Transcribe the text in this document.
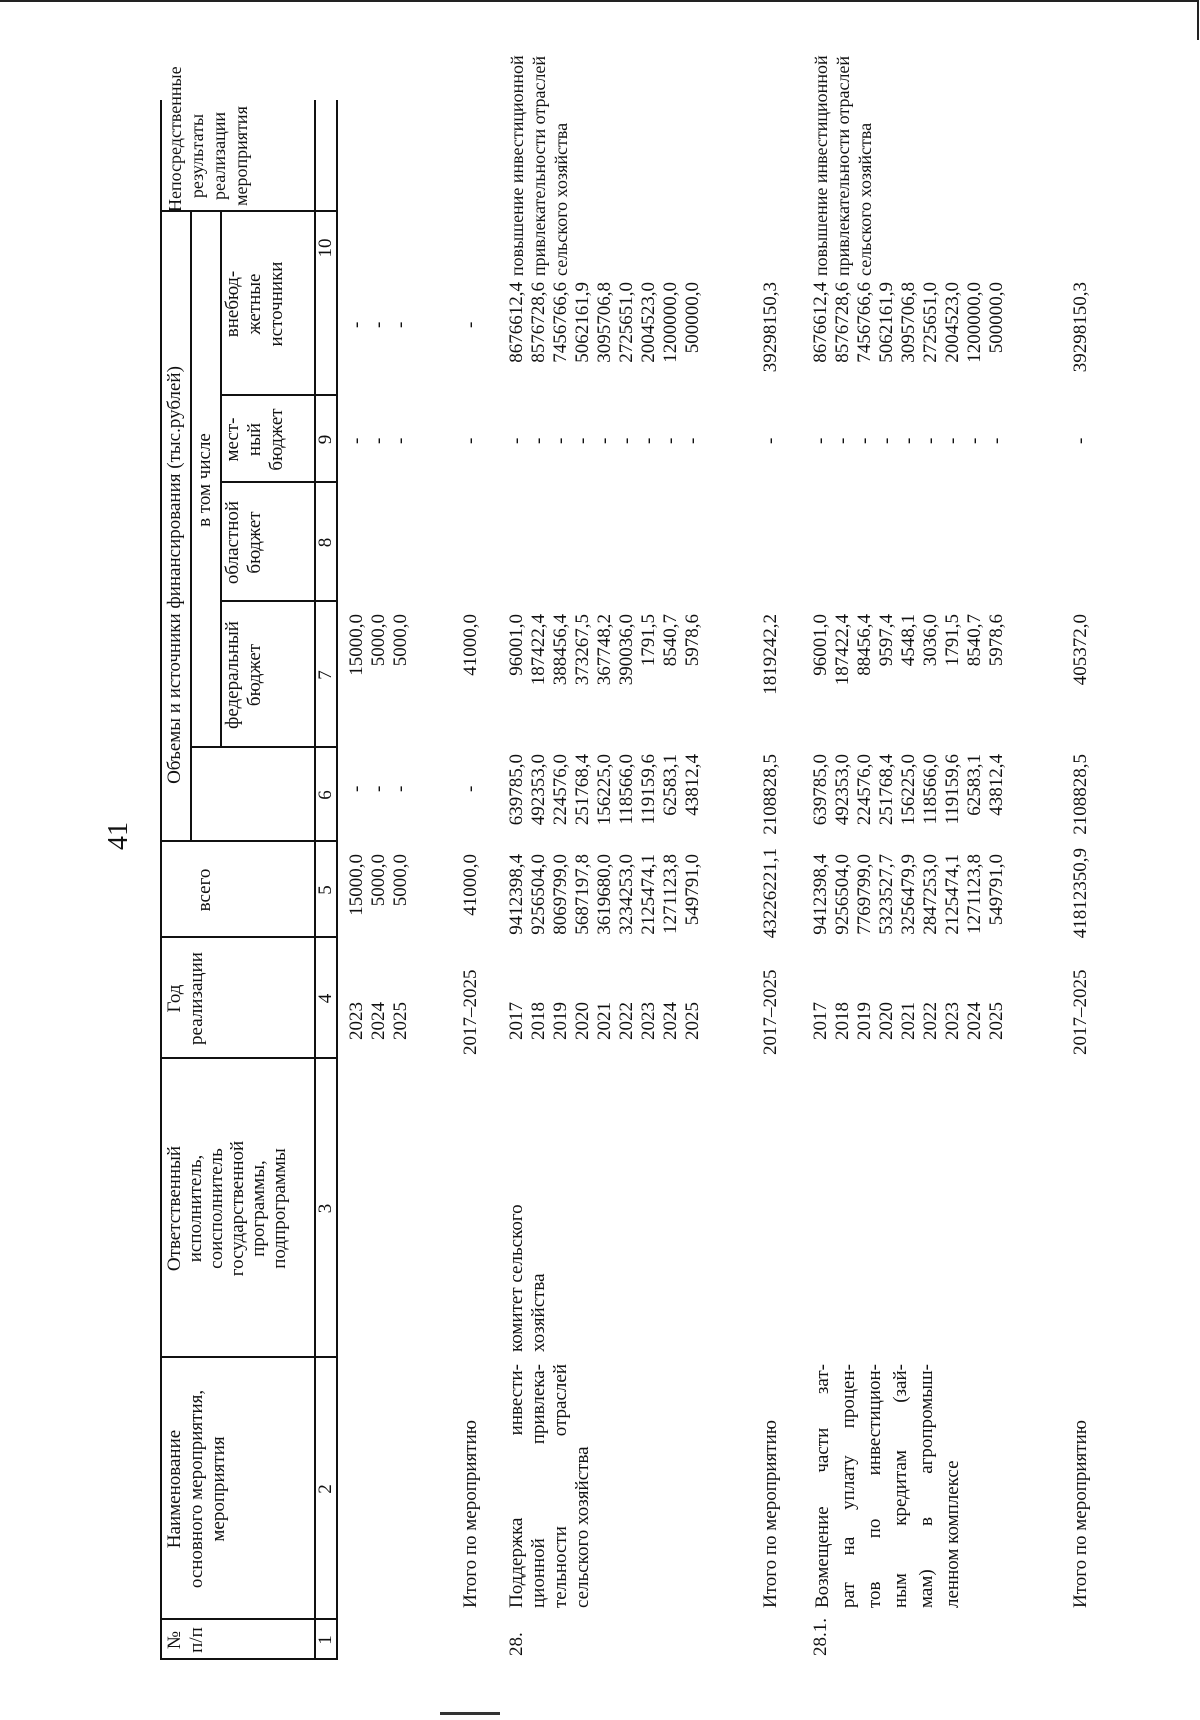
41
№
п/п
Наименование
основного мероприятия,
мероприятия
Ответственный
исполнитель,
соисполнитель
государственной
программы,
подпрограммы
Год
реализации
Объемы и источники финансирования (тыс.рублей)
всего
в том числе
федеральный
бюджет
областной
бюджет
мест-
ный
бюджет
внебюд-
жетные
источники
Непосредственные
результаты реализации
мероприятия
1
2
3
4
5
6
7
8
9
10
2023 2024 2025
15000,0 5000,0 5000,0
- - -
15000,0 5000,0 5000,0
- - -
- - -
Итого по мероприятию
2017–2025
41000,0
-
41000,0
-
-
28.
Поддержка инвести- ционной привлека- тельности отраслей сельского хозяйства
комитет сельского хозяйства
2017 2018 2019 2020 2021 2022 2023 2024 2025
9412398,4 9256504,0 8069799,0 5687197,8 3619680,0 3234253,0 2125474,1 1271123,8 549791,0
639785,0 492353,0 224576,0 251768,4 156225,0 118566,0 119159,6 62583,1 43812,4
96001,0 187422,4 388456,4 373267,5 367748,2 390036,0 1791,5 8540,7 5978,6
- - - - - - - - -
8676612,4 8576728,6 7456766,6 5062161,9 3095706,8 2725651,0 2004523,0 1200000,0 500000,0
повышение инвестиционной привлекательности отраслей сельского хозяйства
Итого по мероприятию
2017–2025
43226221,1
2108828,5
1819242,2
-
39298150,3
28.1.
Возмещение части зат- рат на уплату процен- тов по инвестицион- ным кредитам (зай- мам) в агропромыш- ленном комплексе
2017 2018 2019 2020 2021 2022 2023 2024 2025
9412398,4 9256504,0 7769799,0 5323527,7 3256479,9 2847253,0 2125474,1 1271123,8 549791,0
639785,0 492353,0 224576,0 251768,4 156225,0 118566,0 119159,6 62583,1 43812,4
96001,0 187422,4 88456,4 9597,4 4548,1 3036,0 1791,5 8540,7 5978,6
- - - - - - - - -
8676612,4 8576728,6 7456766,6 5062161,9 3095706,8 2725651,0 2004523,0 1200000,0 500000,0
повышение инвестиционной привлекательности отраслей сельского хозяйства
Итого по мероприятию
2017–2025
41812350,9
2108828,5
405372,0
-
39298150,3
